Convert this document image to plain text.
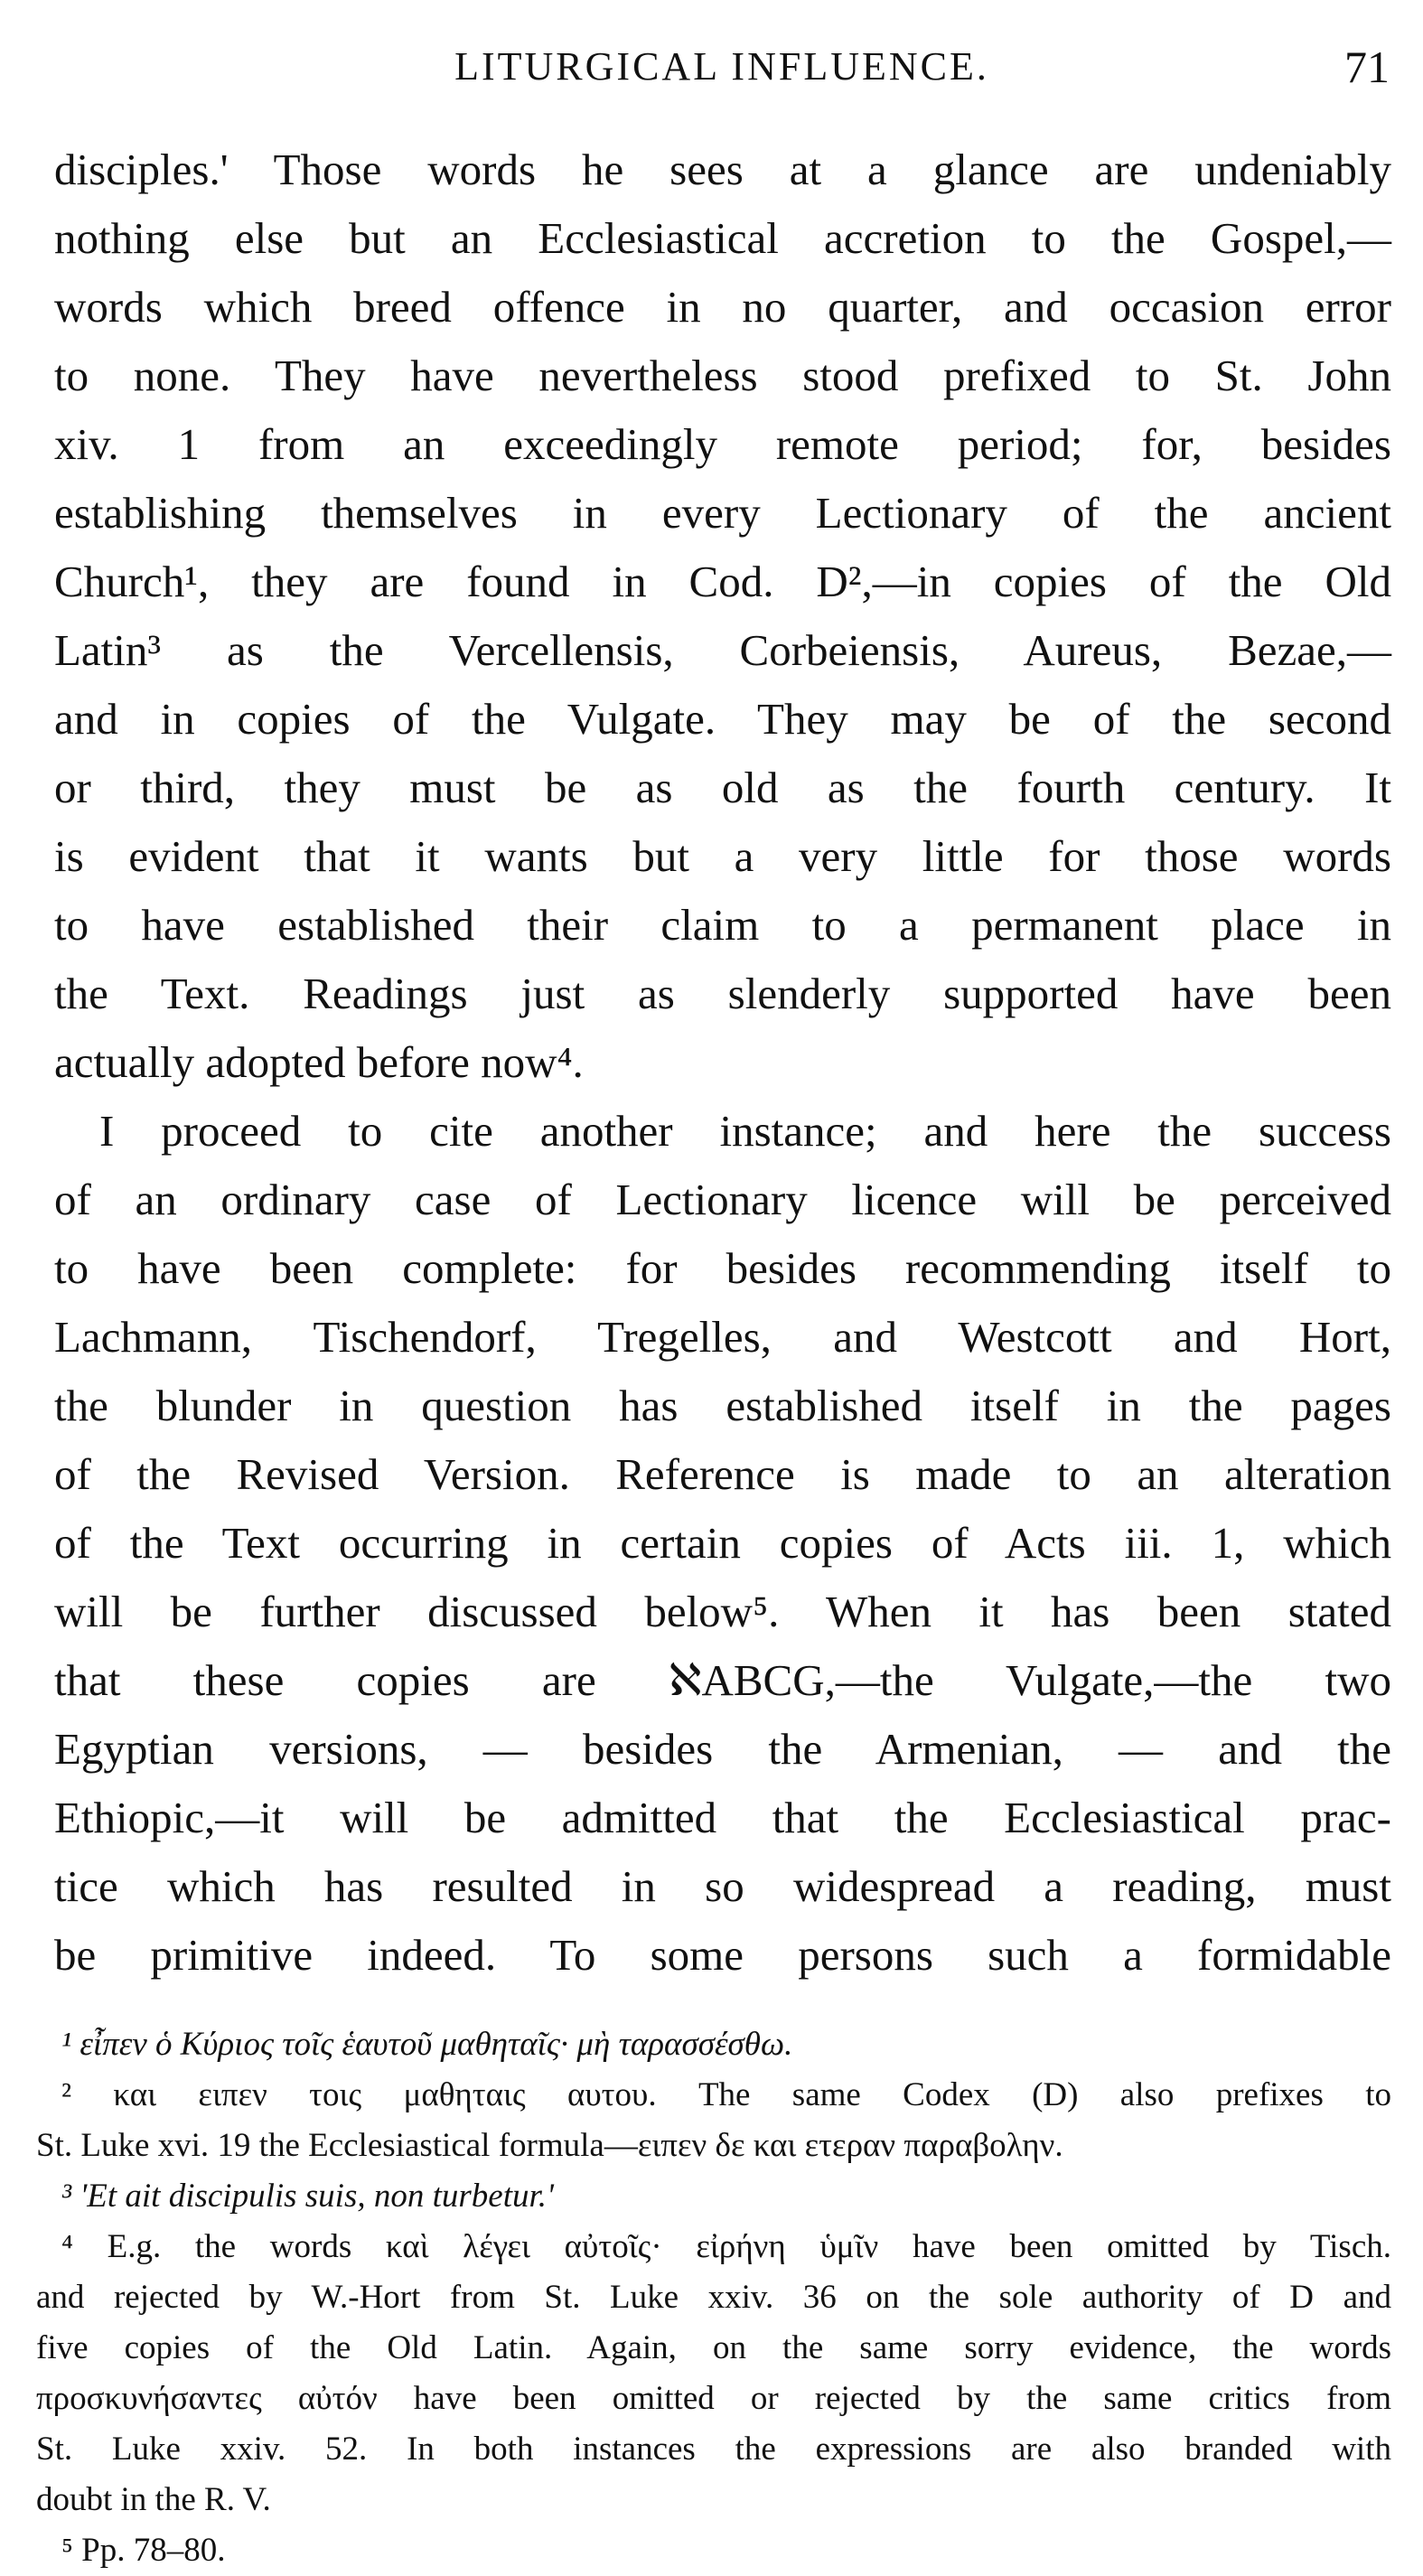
LITURGICAL INFLUENCE.	71
disciples.' Those words he sees at a glance are undeniably
nothing else but an Ecclesiastical accretion to the Gospel,—
words which breed offence in no quarter, and occasion error
to none. They have nevertheless stood prefixed to St. John
xiv. 1 from an exceedingly remote period; for, besides
establishing themselves in every Lectionary of the ancient
Church¹, they are found in Cod. D²,—in copies of the Old
Latin³ as the Vercellensis, Corbeiensis, Aureus, Bezae,—
and in copies of the Vulgate. They may be of the second
or third, they must be as old as the fourth century. It
is evident that it wants but a very little for those words
to have established their claim to a permanent place in
the Text. Readings just as slenderly supported have been
actually adopted before now⁴.
I proceed to cite another instance; and here the success
of an ordinary case of Lectionary licence will be perceived
to have been complete: for besides recommending itself to
Lachmann, Tischendorf, Tregelles, and Westcott and Hort,
the blunder in question has established itself in the pages
of the Revised Version. Reference is made to an alteration
of the Text occurring in certain copies of Acts iii. 1, which
will be further discussed below⁵. When it has been stated
that these copies are ℵABCG,—the Vulgate,—the two
Egyptian versions, — besides the Armenian, — and the
Ethiopic,—it will be admitted that the Ecclesiastical prac-
tice which has resulted in so widespread a reading, must
be primitive indeed. To some persons such a formidable
¹ εἶπεν ὁ Κύριος τοῖς ἑαυτοῦ μαθηταῖς· μὴ ταρασσέσθω.
² και ειπεν τοις μαθηταις αυτου. The same Codex (D) also prefixes to
St. Luke xvi. 19 the Ecclesiastical formula—ειπεν δε και ετεραν παραβολην.
³ 'Et ait discipulis suis, non turbetur.'
⁴ E.g. the words καὶ λέγει αὐτοῖς· εἰρήνη ὑμῖν have been omitted by Tisch.
and rejected by W.-Hort from St. Luke xxiv. 36 on the sole authority of D and
five copies of the Old Latin. Again, on the same sorry evidence, the words
προσκυνήσαντες αὐτόν have been omitted or rejected by the same critics from
St. Luke xxiv. 52. In both instances the expressions are also branded with
doubt in the R. V.
⁵ Pp. 78–80.
